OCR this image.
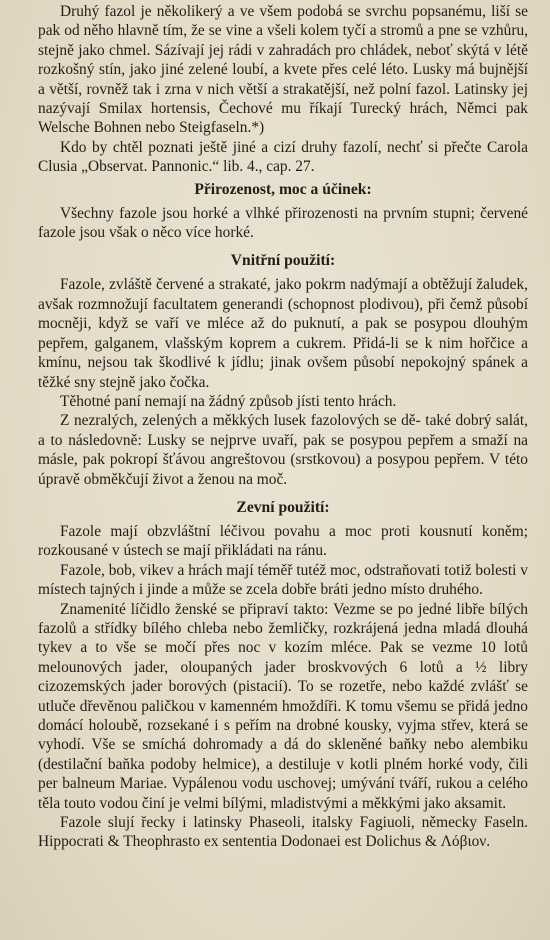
Druhý fazol je několikerý a ve všem podobá se svrchu popsanému, liší se pak od něho hlavně tím, že se vine a všeli kolem tyčí a stromů a pne se vzhůru, stejně jako chmel. Sázívají jej rádi v zahradách pro chládek, neboť skýtá v létě rozkošný stín, jako jiné zelené loubí, a kvete přes celé léto. Lusky má bujnější a větší, rovněž tak i zrna v nich větší a strakatější, než polní fazol. Latinsky jej nazývají Smilax hortensis, Čechové mu říkají Turecký hrách, Němci pak Welsche Bohnen nebo Steigfaseln.*)

Kdo by chtěl poznati ještě jiné a cizí druhy fazolí, nechť si přečte Carola Clusia „Observat. Pannonic.“ lib. 4., cap. 27.

Přirozenost, moc a účinek:

Všechny fazole jsou horké a vlhké přirozenosti na prvním stupni; červené fazole jsou však o něco více horké.

Vnitřní použití:

Fazole, zvláště červené a strakaté, jako pokrm nadýmají a obtěžují žaludek, avšak rozmnožují facultatem generandi (schopnost plodivou), při čemž působí mocněji, když se vaří ve mléce až do puknutí, a pak se posypou dlouhým pepřem, galganem, vlašským koprem a cukrem. Přidá-li se k nim hořčice a kmínu, nejsou tak škodlivé k jídlu; jinak ovšem působí nepokojný spánek a těžké sny stejně jako čočka.

Těhotné paní nemají na žádný způsob jísti tento hrách.

Z nezralých, zelených a měkkých lusek fazolových se dě- také dobrý salát, a to následovně: Lusky se nejprve uvaří, pak se posypou pepřem a smaží na másle, pak pokropí šťávou angreštovou (srstkovou) a posypou pepřem. V této úpravě obměkčují život a ženou na moč.

Zevní použití:

Fazole mají obzvláštní léčivou povahu a moc proti kousnutí koněm; rozkousané v ústech se mají přikládati na ránu.

Fazole, bob, vikev a hrách mají téměř tutéž moc, odstraňovati totiž bolesti v místech tajných i jinde a může se zcela dobře bráti jedno místo druhého.

Znamenité líčidlo ženské se připraví takto: Vezme se po jedné libře bílých fazolů a střídky bílého chleba nebo žemličky, rozkrájená jedna mladá dlouhá tykev a to vše se močí přes noc v kozím mléce. Pak se vezme 10 lotů melounových jader, oloupaných jader broskvových 6 lotů a ½ libry cizozemských jader borových (pistacií). To se rozetře, nebo každé zvlášť se utluče dřevěnou paličkou v kamenném hmoždíři. K tomu všemu se přidá jedno domácí holoubě, rozsekané i s peřím na drobné kousky, vyjma střev, která se vyhodí. Vše se smíchá dohromady a dá do skleněné baňky nebo alembiku (destilační baňka podoby helmice), a destiluje v kotli plném horké vody, čili per balneum Mariae. Vypálenou vodu uschovej; umývání tváří, rukou a celého těla touto vodou činí je velmi bílými, mladistvými a měkkými jako aksamit.

Fazole slují řecky i latinsky Phaseoli, italsky Fagiuoli, německy Faseln. Hippocrati & Theophrasto ex sententia Dodonaei est Dolichus & Λόβιον.
